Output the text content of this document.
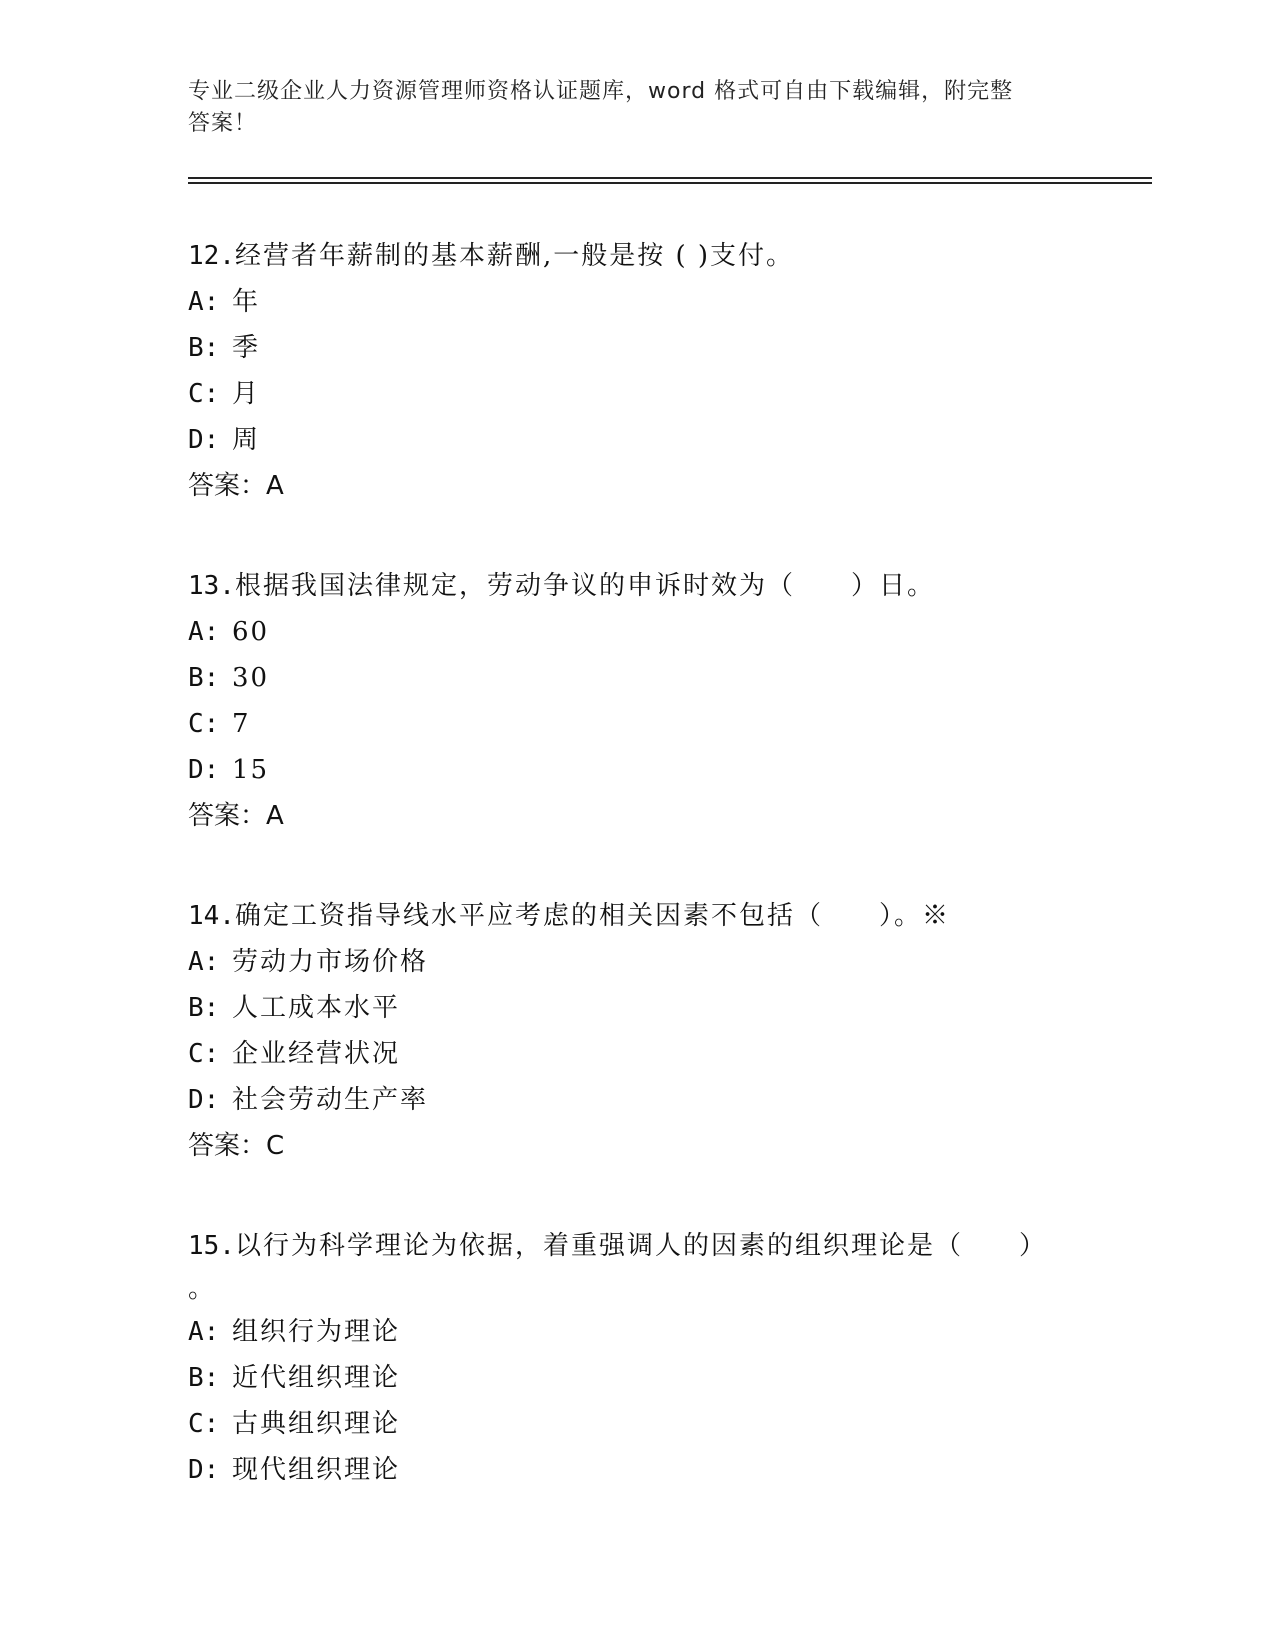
专业二级企业人力资源管理师资格认证题库，word 格式可自由下载编辑，附完整
答案！

12.经营者年薪制的基本薪酬,一般是按 ( )支付。

A: 年

B: 季

C: 月

D: 周

答案：A

13.根据我国法律规定，劳动争议的申诉时效为（　　）日。

A: 60

B: 30

C: 7

D: 15

答案：A

14.确定工资指导线水平应考虑的相关因素不包括（　　）。※

A: 劳动力市场价格

B: 人工成本水平

C: 企业经营状况

D: 社会劳动生产率

答案：C

15.以行为科学理论为依据，着重强调人的因素的组织理论是（　　）

。

A: 组织行为理论

B: 近代组织理论

C: 古典组织理论

D: 现代组织理论
